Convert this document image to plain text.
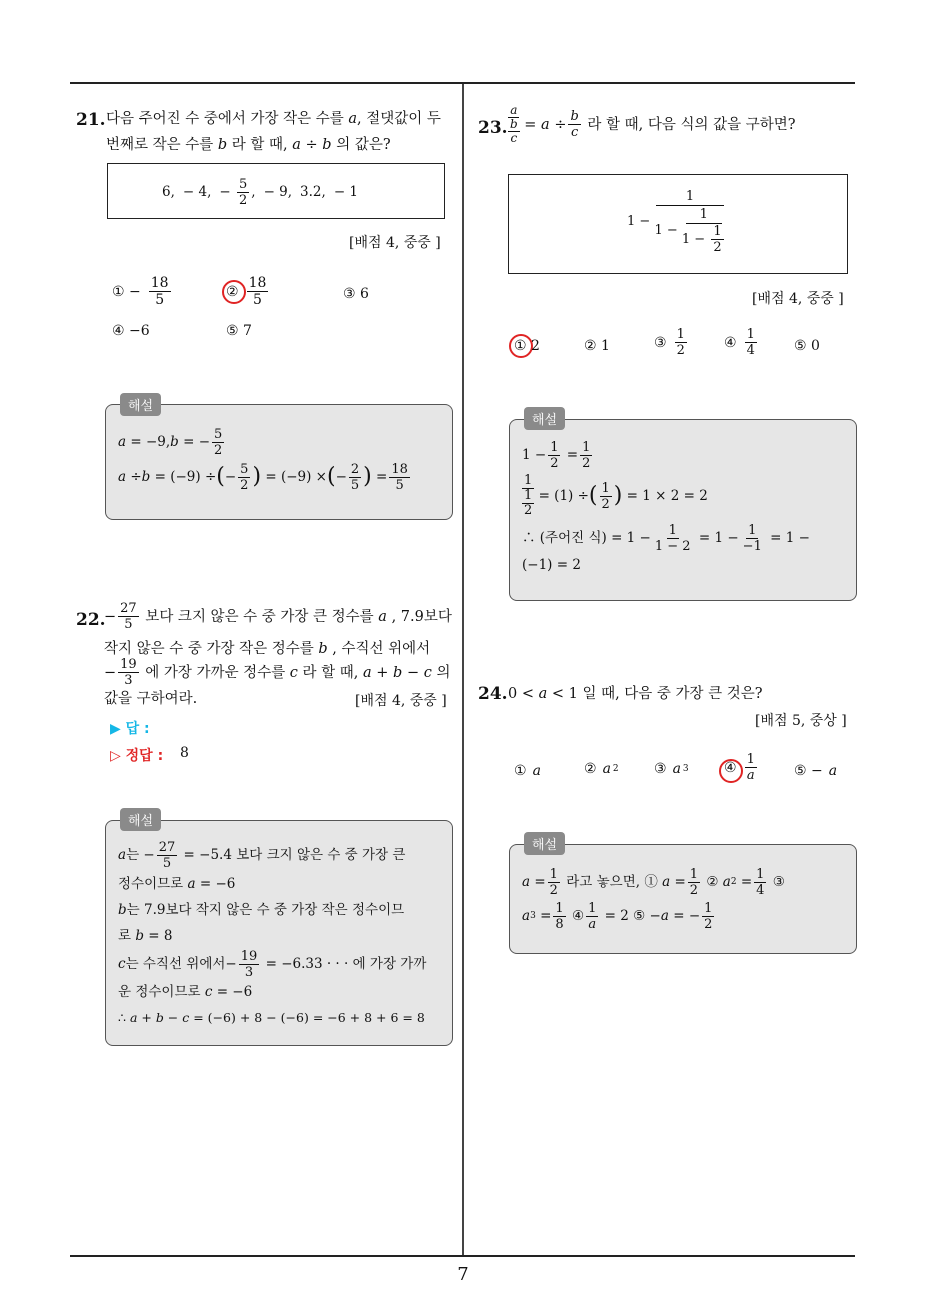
7
21. 다음 주어진 수 중에서 가장 작은 수를 a, 절댓값이 두
번째로 작은 수를 b 라 할 때, a ÷ b 의 값은?
6, − 4, − $\frac{5}{2}$ , − 9, 3.2, − 1
[배점 4, 중중 ]
① − $\frac{18}{5}$	② $\frac{18}{5}$	③ 6
④ −6	⑤ 7
a = −9, b = − $\frac{5}{2}$
a ÷ b = (−9) ÷ ( − $\frac{5}{2}$ ) = (−9) × ( − $\frac{2}{5}$ ) = $\frac{18}{5}$
해설
22.
− $\frac{27}{5}$ 보다 크지 않은 수 중 가장 큰 정수를 a , 7.9보다
작지 않은 수 중 가장 작은 정수를 b , 수직선 위에서
− $\frac{19}{3}$ 에 가장 가까운 정수를 c 라 할 때, a + b − c 의
값을 구하여라.	[배점 4, 중중 ]
▶ 답 :
▷ 정답 : 8
a 는 − $\frac{27}{5} = -5.4$ 보다 크지 않은 수 중 가장 큰
정수이므로 a = −6
b는 7.9보다 작지 않은 수 중 가장 작은 정수이므
로 b = 8
c 는 수직선 위에서− $\frac{19}{3} = -6.33$ · · · 에 가장 가까
운 정수이므로 c = −6
∴ a + b − c = (−6) + 8 − (−6) = −6 + 8 + 6 = 8
해설
23.
a
b
c
= $a \div \frac{b}{c}$ 라 할 때, 다음 식의 값을 구하면?
$1 - \frac{1}{1 - \frac{1}{1 - \frac{1}{2}}}$
[배점 4, 중중 ]
① 2	② 1	③ $\frac{1}{2}$	④ $\frac{1}{4}$	⑤ 0
$1 - \frac{1}{2} = \frac{1}{2}$
1
1
2
= (1) ÷ ( $\frac{1}{2}$ ) = 1 × 2 = 2
∴ (주어진 식) = $1 - \frac{1}{1 - 2} = 1 - \frac{1}{-1} = 1$ −
(−1) = 2
해설
24. 0 < a < 1 일 때, 다음 중 가장 큰 것은?
[배점 5, 중상 ]
① a	② a 2	③ a 3	④ $\frac{1}{a}$	⑤ − a
$a = \frac{1}{2}$ 라고 놓으면, ① $a = \frac{1}{2}$ ② a $2 = \frac{1}{4}$ ③
a $3 = \frac{1}{8}$ ④ $\frac{1}{a} = 2$ ⑤ − a = − $\frac{1}{2}$
해설
